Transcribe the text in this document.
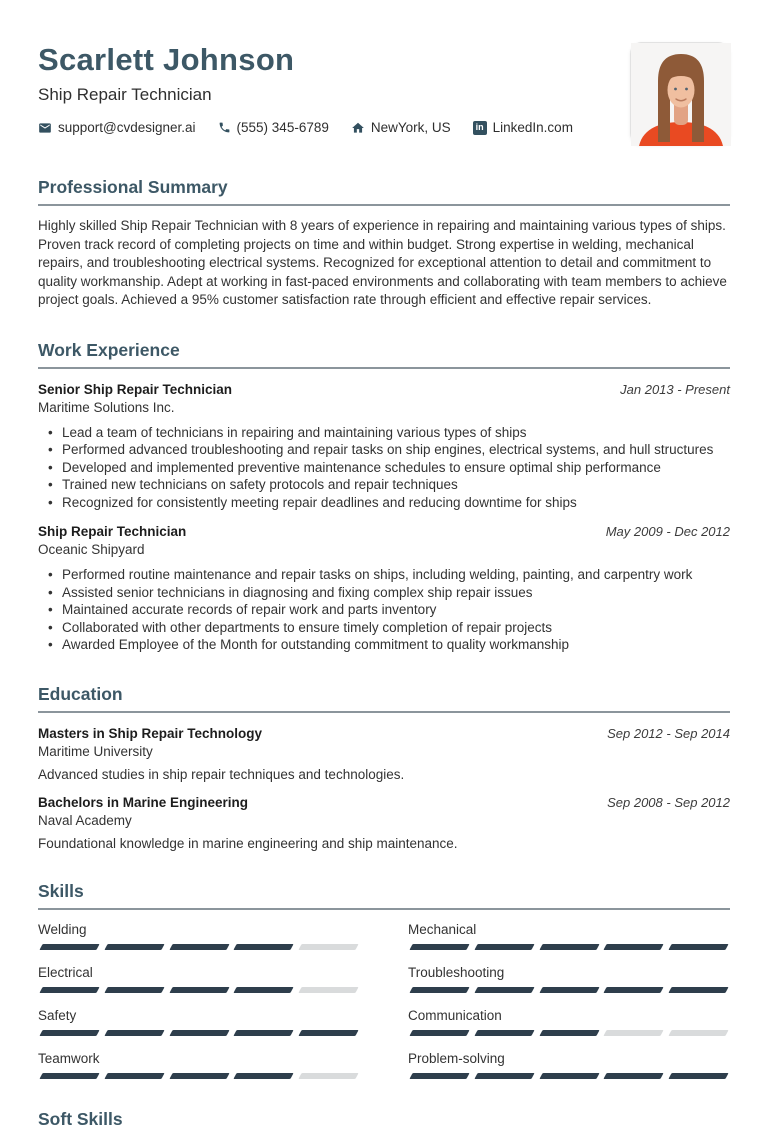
Scarlett Johnson
Ship Repair Technician
support@cvdesigner.ai	(555) 345-6789	NewYork, US	in LinkedIn.com
Professional Summary

Highly skilled Ship Repair Technician with 8 years of experience in repairing and maintaining various types of ships. Proven track record of completing projects on time and within budget. Strong expertise in welding, mechanical repairs, and troubleshooting electrical systems. Recognized for exceptional attention to detail and commitment to quality workmanship. Adept at working in fast-paced environments and collaborating with team members to achieve project goals. Achieved a 95% customer satisfaction rate through efficient and effective repair services.

Work Experience
Senior Ship Repair Technician	Jan 2013 - Present
Maritime Solutions Inc.
• Lead a team of technicians in repairing and maintaining various types of ships
• Performed advanced troubleshooting and repair tasks on ship engines, electrical systems, and hull structures
• Developed and implemented preventive maintenance schedules to ensure optimal ship performance
• Trained new technicians on safety protocols and repair techniques
• Recognized for consistently meeting repair deadlines and reducing downtime for ships
Ship Repair Technician	May 2009 - Dec 2012
Oceanic Shipyard
• Performed routine maintenance and repair tasks on ships, including welding, painting, and carpentry work
• Assisted senior technicians in diagnosing and fixing complex ship repair issues
• Maintained accurate records of repair work and parts inventory
• Collaborated with other departments to ensure timely completion of repair projects
• Awarded Employee of the Month for outstanding commitment to quality workmanship
Education
Masters in Ship Repair Technology	Sep 2012 - Sep 2014
Maritime University
Advanced studies in ship repair techniques and technologies.
Bachelors in Marine Engineering	Sep 2008 - Sep 2012
Naval Academy
Foundational knowledge in marine engineering and ship maintenance.
Skills
Welding	Mechanical
Electrical	Troubleshooting
Safety	Communication
Teamwork	Problem-solving
Soft Skills
